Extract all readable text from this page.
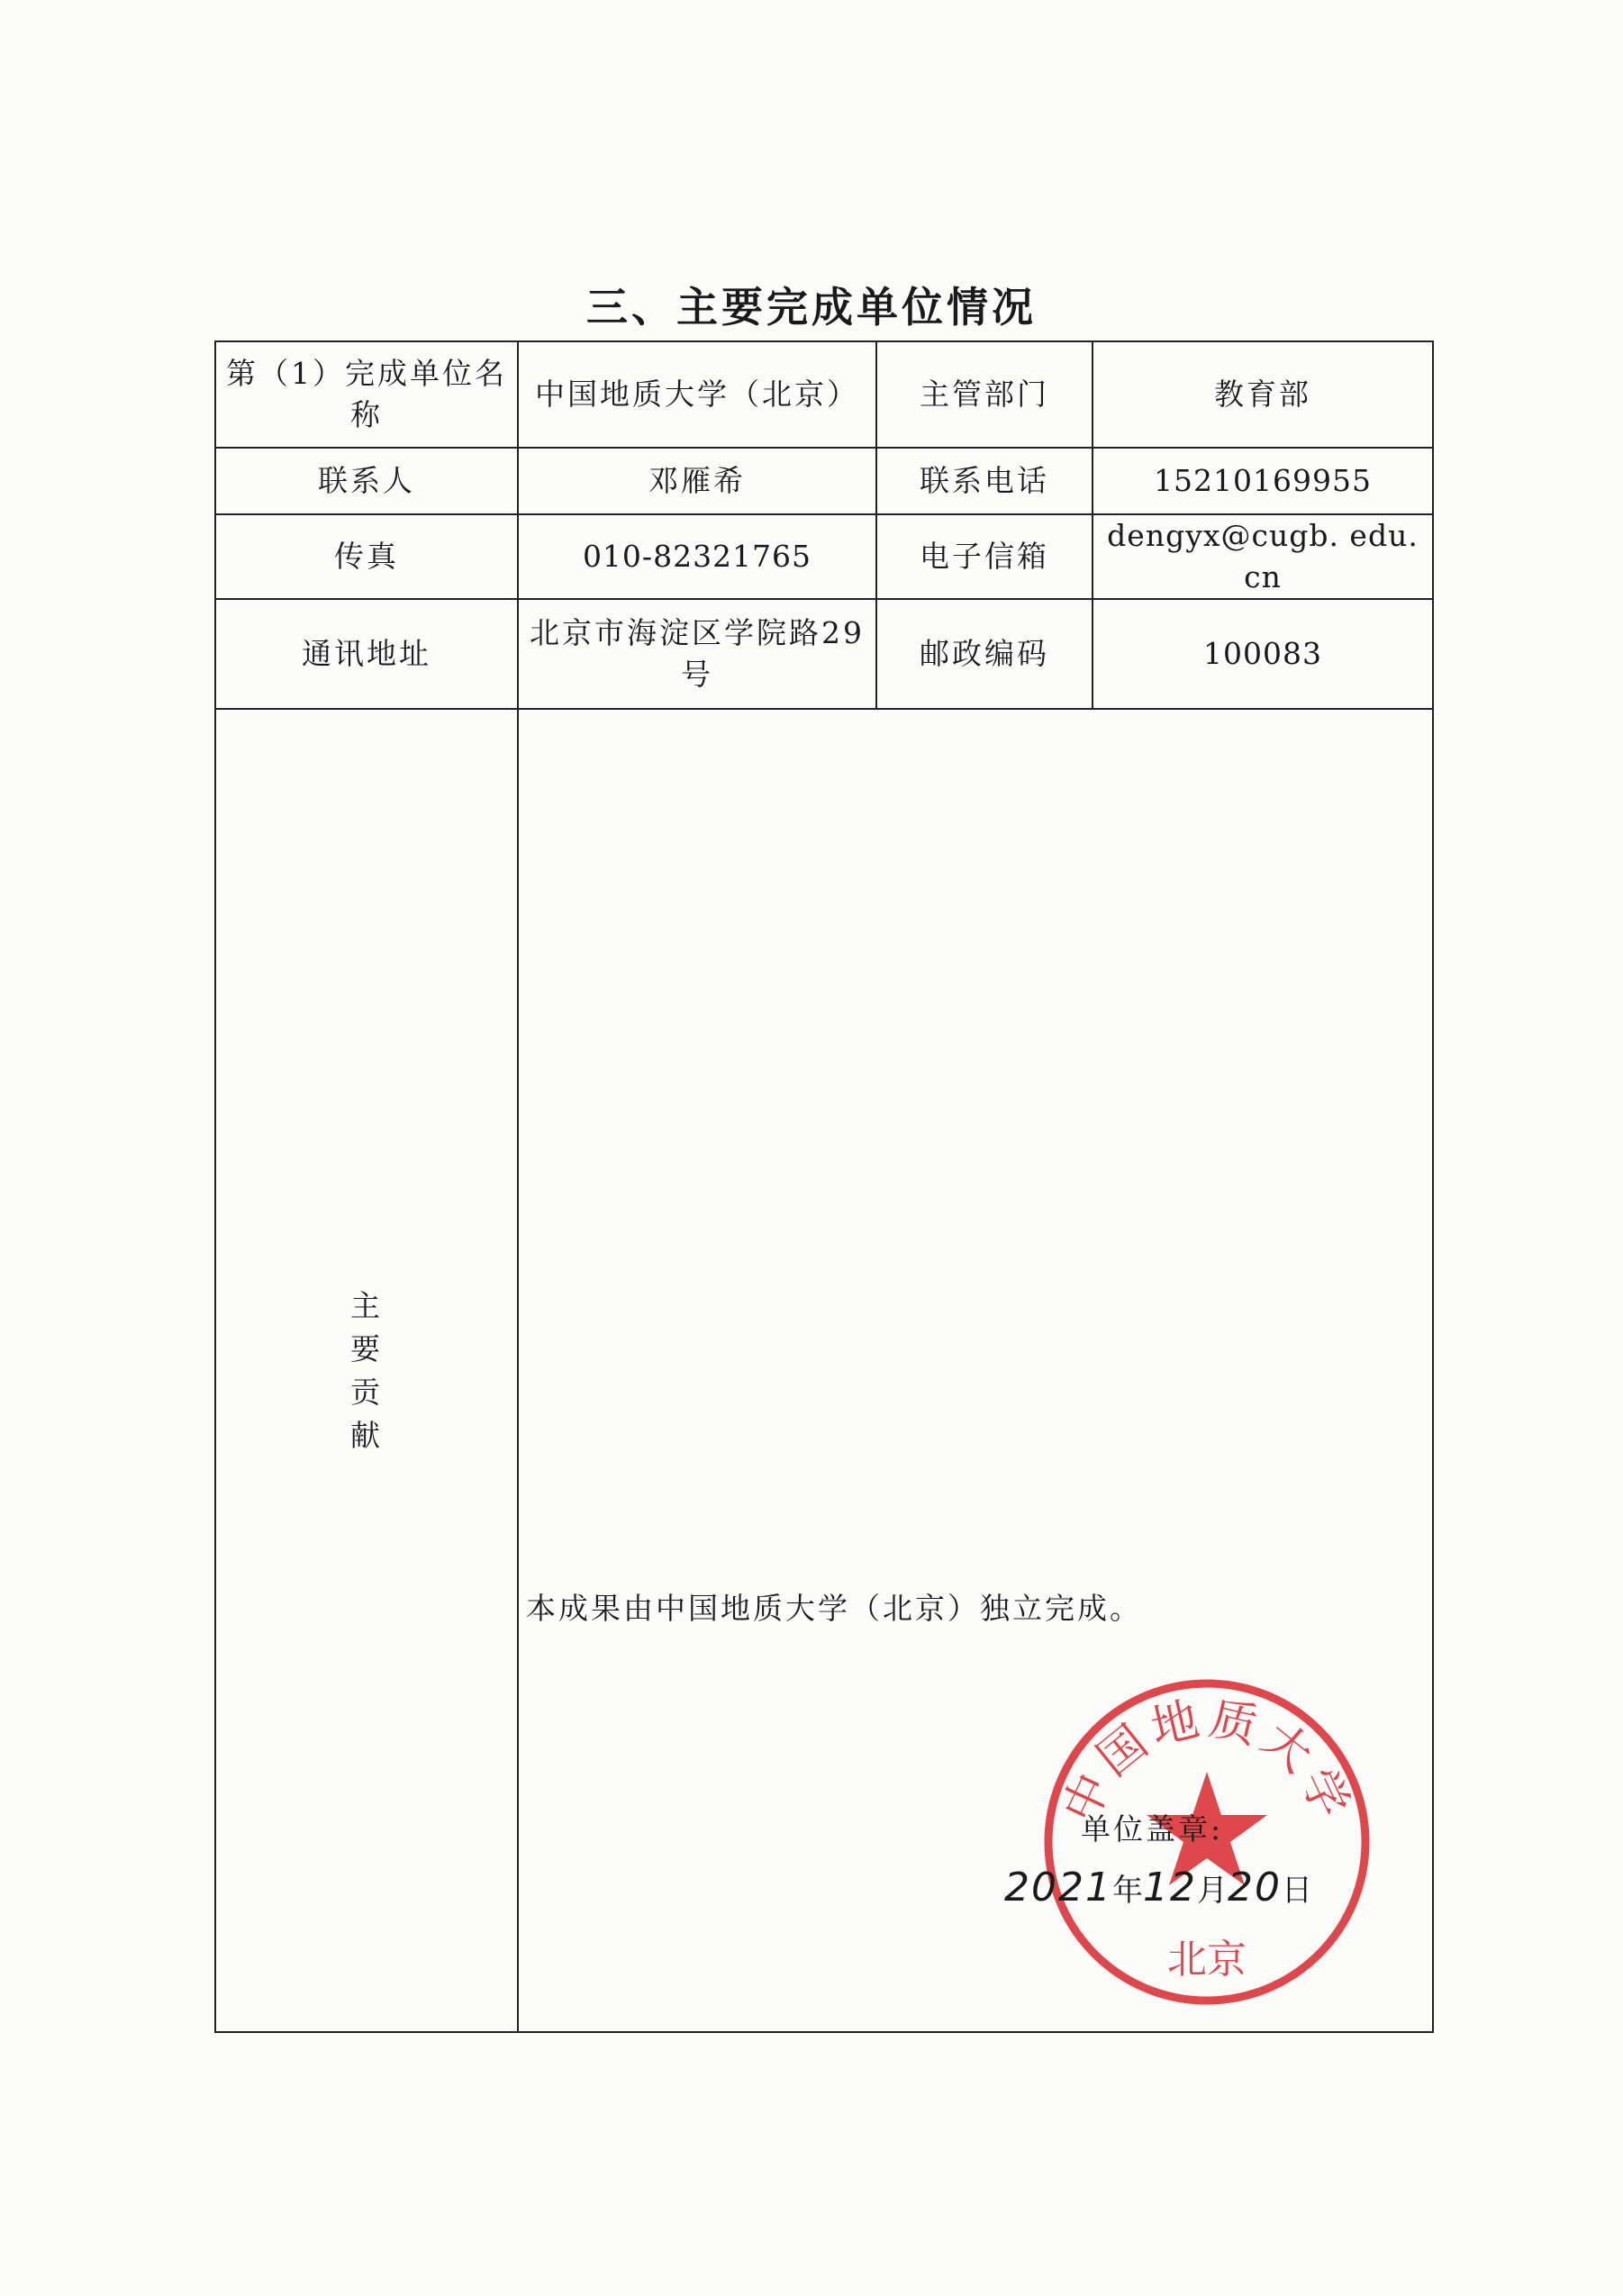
三、主要完成单位情况
第（1）完成单位名称	中国地质大学（北京）	主管部门	教育部
联系人	邓雁希	联系电话	15210169955
传真	010-82321765	电子信箱	dengyx@cugb. edu. cn
通讯地址	北京市海淀区学院路29 号	邮政编码	100083
主要贡献	本成果由中国地质大学（北京）独立完成。		
中国地质大学
北京
单位盖章:
2021年12月20日
